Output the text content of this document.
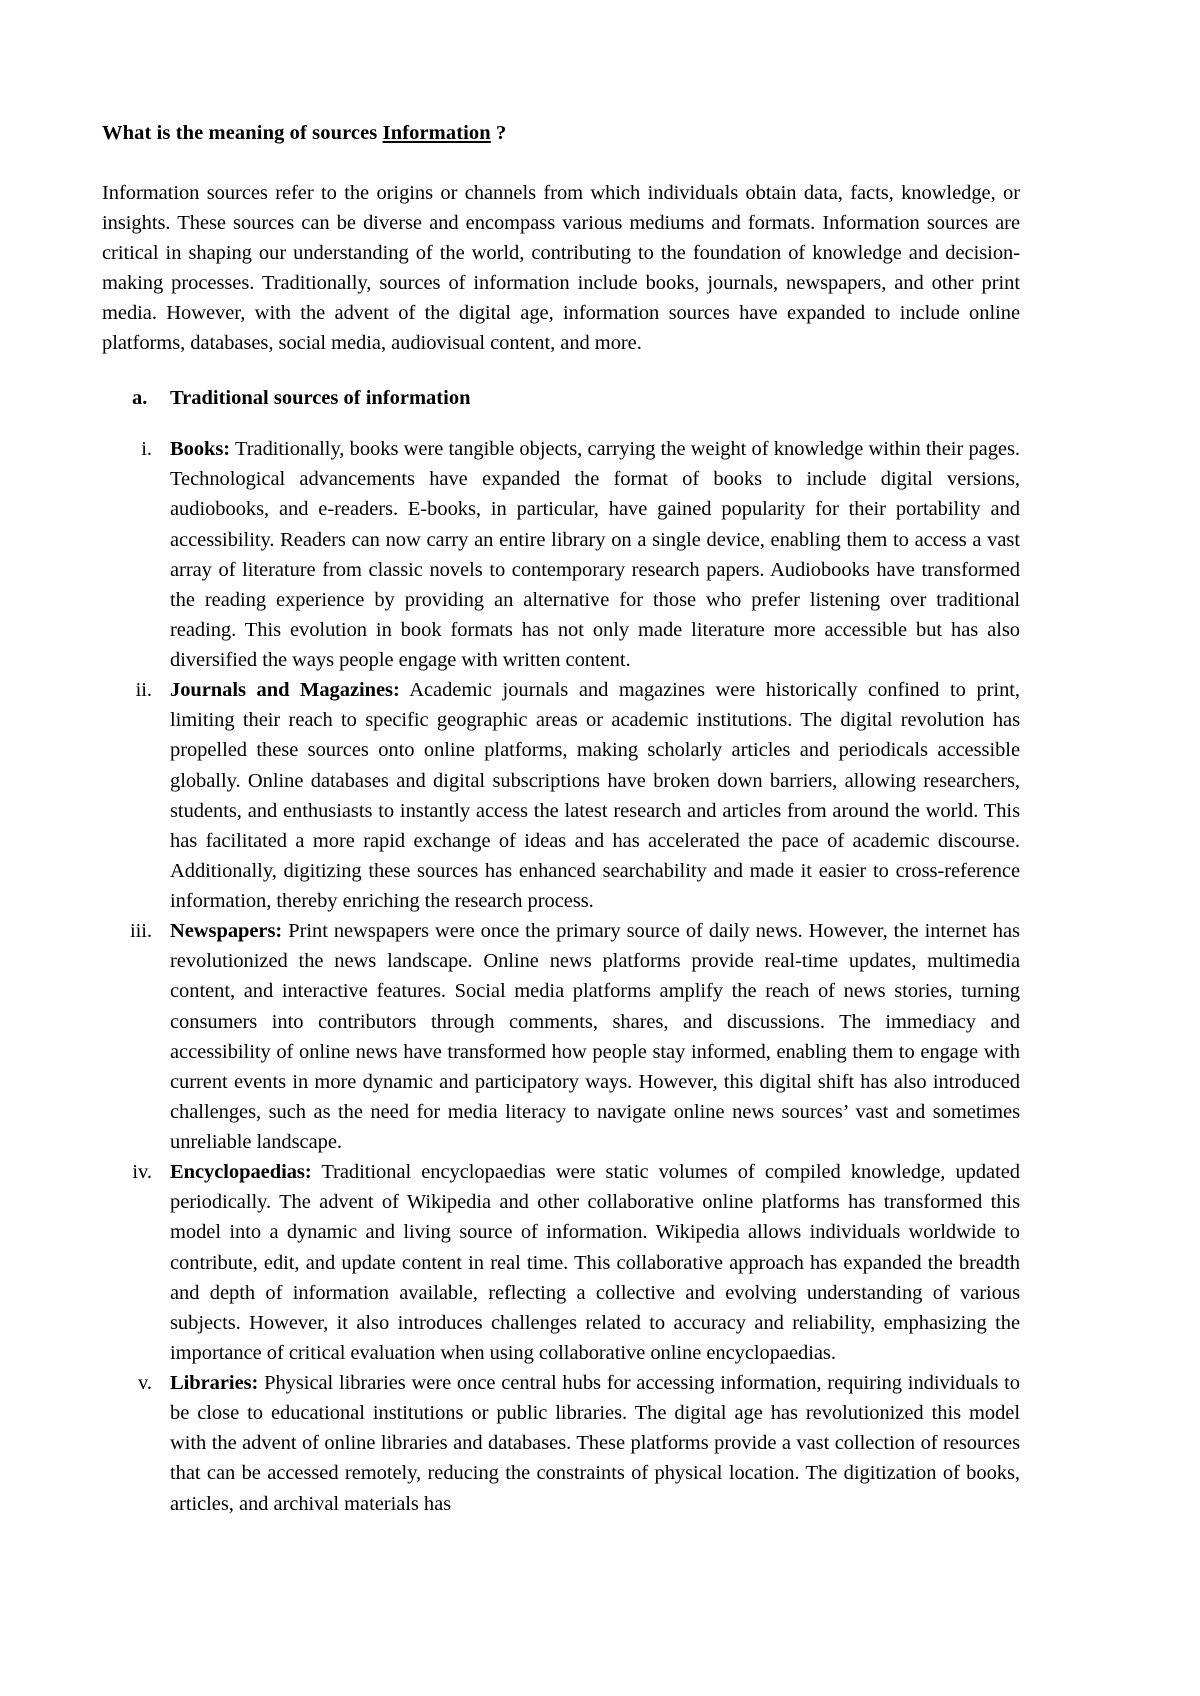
What is the meaning of sources Information ?

Information sources refer to the origins or channels from which individuals obtain data, facts, knowledge, or insights. These sources can be diverse and encompass various mediums and formats. Information sources are critical in shaping our understanding of the world, contributing to the foundation of knowledge and decision-making processes. Traditionally, sources of information include books, journals, newspapers, and other print media. However, with the advent of the digital age, information sources have expanded to include online platforms, databases, social media, audiovisual content, and more.

a. Traditional sources of information
i. Books: Traditionally, books were tangible objects, carrying the weight of knowledge within their pages. Technological advancements have expanded the format of books to include digital versions, audiobooks, and e-readers. E-books, in particular, have gained popularity for their portability and accessibility. Readers can now carry an entire library on a single device, enabling them to access a vast array of literature from classic novels to contemporary research papers. Audiobooks have transformed the reading experience by providing an alternative for those who prefer listening over traditional reading. This evolution in book formats has not only made literature more accessible but has also diversified the ways people engage with written content.
ii. Journals and Magazines: Academic journals and magazines were historically confined to print, limiting their reach to specific geographic areas or academic institutions. The digital revolution has propelled these sources onto online platforms, making scholarly articles and periodicals accessible globally. Online databases and digital subscriptions have broken down barriers, allowing researchers, students, and enthusiasts to instantly access the latest research and articles from around the world. This has facilitated a more rapid exchange of ideas and has accelerated the pace of academic discourse. Additionally, digitizing these sources has enhanced searchability and made it easier to cross-reference information, thereby enriching the research process.
iii. Newspapers: Print newspapers were once the primary source of daily news. However, the internet has revolutionized the news landscape. Online news platforms provide real-time updates, multimedia content, and interactive features. Social media platforms amplify the reach of news stories, turning consumers into contributors through comments, shares, and discussions. The immediacy and accessibility of online news have transformed how people stay informed, enabling them to engage with current events in more dynamic and participatory ways. However, this digital shift has also introduced challenges, such as the need for media literacy to navigate online news sources’ vast and sometimes unreliable landscape.
iv. Encyclopaedias: Traditional encyclopaedias were static volumes of compiled knowledge, updated periodically. The advent of Wikipedia and other collaborative online platforms has transformed this model into a dynamic and living source of information. Wikipedia allows individuals worldwide to contribute, edit, and update content in real time. This collaborative approach has expanded the breadth and depth of information available, reflecting a collective and evolving understanding of various subjects. However, it also introduces challenges related to accuracy and reliability, emphasizing the importance of critical evaluation when using collaborative online encyclopaedias.
v. Libraries: Physical libraries were once central hubs for accessing information, requiring individuals to be close to educational institutions or public libraries. The digital age has revolutionized this model with the advent of online libraries and databases. These platforms provide a vast collection of resources that can be accessed remotely, reducing the constraints of physical location. The digitization of books, articles, and archival materials has
